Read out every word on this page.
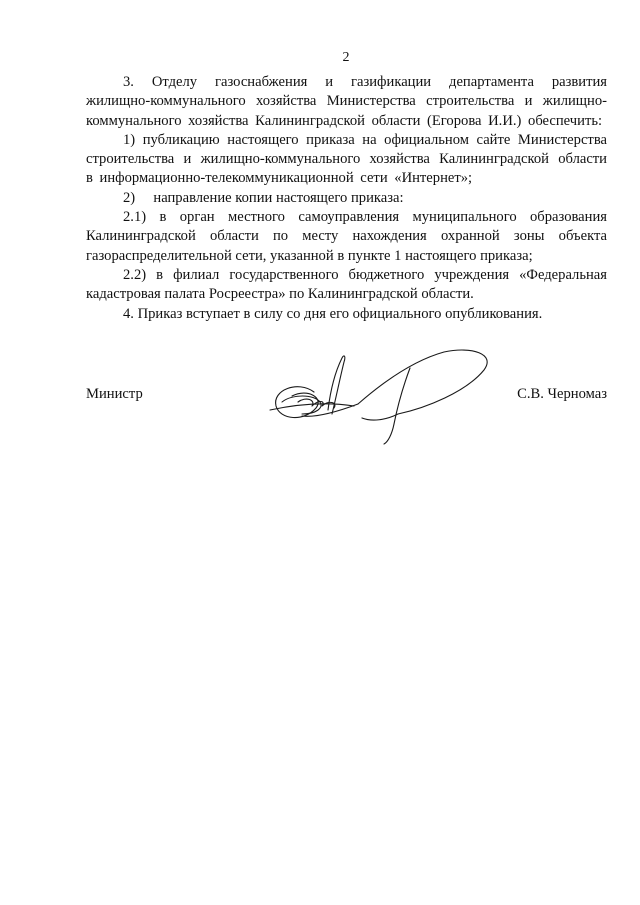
2

3. Отделу газоснабжения и газификации департамента развития жилищно-коммунального хозяйства Министерства строительства и жилищно-коммунального хозяйства Калининградской области (Егорова И.И.) обеспечить:

1) публикацию настоящего приказа на официальном сайте Министерства строительства и жилищно-коммунального хозяйства Калининградской области в информационно-телекоммуникационной сети «Интернет»;

2)     направление копии настоящего приказа:

2.1) в орган местного самоуправления муниципального образования Калининградской области по месту нахождения охранной зоны объекта газораспределительной сети, указанной в пункте 1 настоящего приказа;

2.2) в филиал государственного бюджетного учреждения «Федеральная кадастровая палата Росреестра» по Калининградской области.

4. Приказ вступает в силу со дня его официального опубликования.

Министр	С.В. Черномаз
